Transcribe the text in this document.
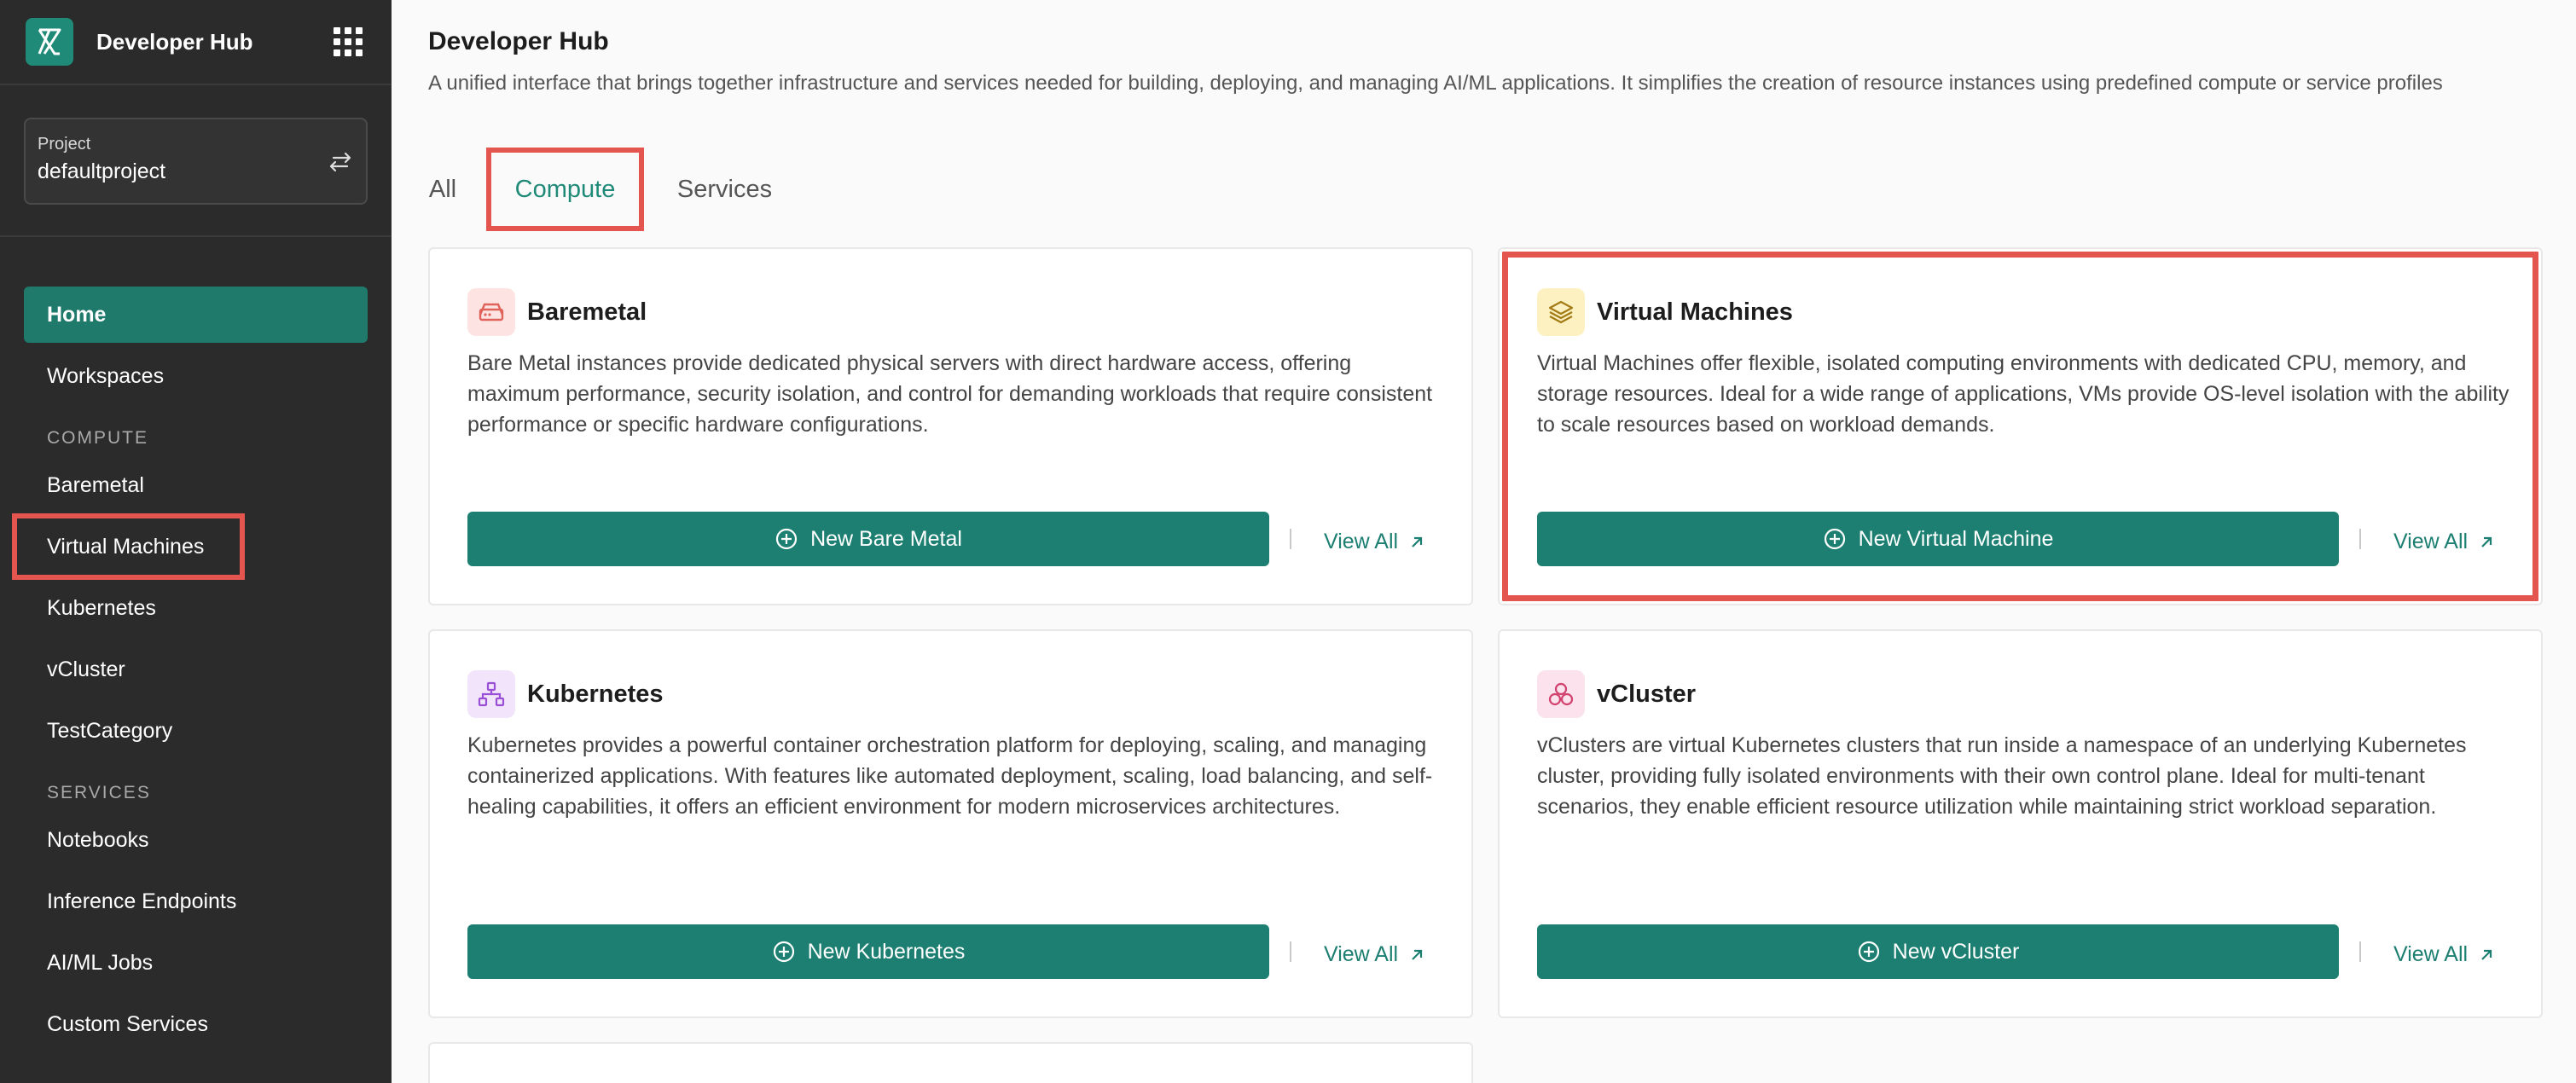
Developer Hub
Project
defaultproject
Home
Workspaces
COMPUTE
Baremetal
Virtual Machines
Kubernetes
vCluster
TestCategory
SERVICES
Notebooks
Inference Endpoints
AI/ML Jobs
Custom Services
Developer Hub

A unified interface that brings together infrastructure and services needed for building, deploying, and managing AI/ML applications. It simplifies the creation of resource instances using predefined compute or service profiles

All	Compute	Services
Baremetal

Bare Metal instances provide dedicated physical servers with direct hardware access, offering maximum performance, security isolation, and control for demanding workloads that require consistent performance or specific hardware configurations.

New Bare Metal	View All
Virtual Machines

Virtual Machines offer flexible, isolated computing environments with dedicated CPU, memory, and storage resources. Ideal for a wide range of applications, VMs provide OS-level isolation with the ability to scale resources based on workload demands.

New Virtual Machine	View All
Kubernetes

Kubernetes provides a powerful container orchestration platform for deploying, scaling, and managing containerized applications. With features like automated deployment, scaling, load balancing, and self-healing capabilities, it offers an efficient environment for modern microservices architectures.

New Kubernetes	View All
vCluster

vClusters are virtual Kubernetes clusters that run inside a namespace of an underlying Kubernetes cluster, providing fully isolated environments with their own control plane. Ideal for multi-tenant scenarios, they enable efficient resource utilization while maintaining strict workload separation.

New vCluster	View All
